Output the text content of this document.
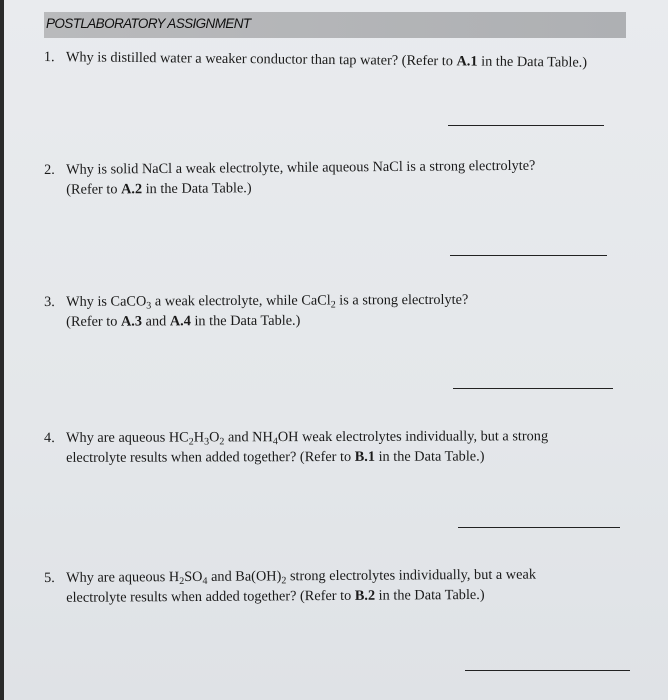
POSTLABORATORY ASSIGNMENT
1. Why is distilled water a weaker conductor than tap water? (Refer to A.1 in the Data Table.)
2. Why is solid NaCl a weak electrolyte, while aqueous NaCl is a strong electrolyte?
(Refer to A.2 in the Data Table.)
3. Why is CaCO$_3$ a weak electrolyte, while CaCl$_2$ is a strong electrolyte?
(Refer to A.3 and A.4 in the Data Table.)
4. Why are aqueous $HC_2H_3O_2$ and $NH_4OH$ weak electrolytes individually, but a strong
electrolyte results when added together? (Refer to B.1 in the Data Table.)
5. Why are aqueous $H_2SO_4$ and $Ba(OH)_2$ strong electrolytes individually, but a weak
electrolyte results when added together? (Refer to B.2 in the Data Table.)
